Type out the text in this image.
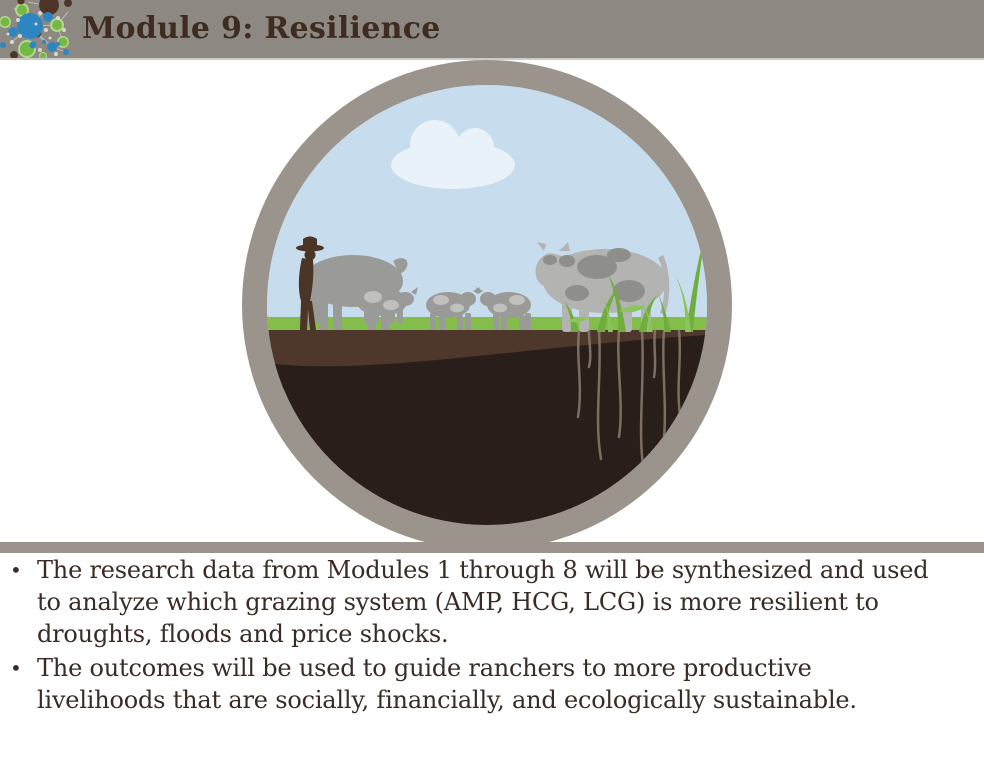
Module 9: Resilience
• The research data from Modules 1 through 8 will be synthesized and used to analyze which grazing system (AMP, HCG, LCG) is more resilient to droughts, floods and price shocks.
• The outcomes will be used to guide ranchers to more productive livelihoods that are socially, financially, and ecologically sustainable.
